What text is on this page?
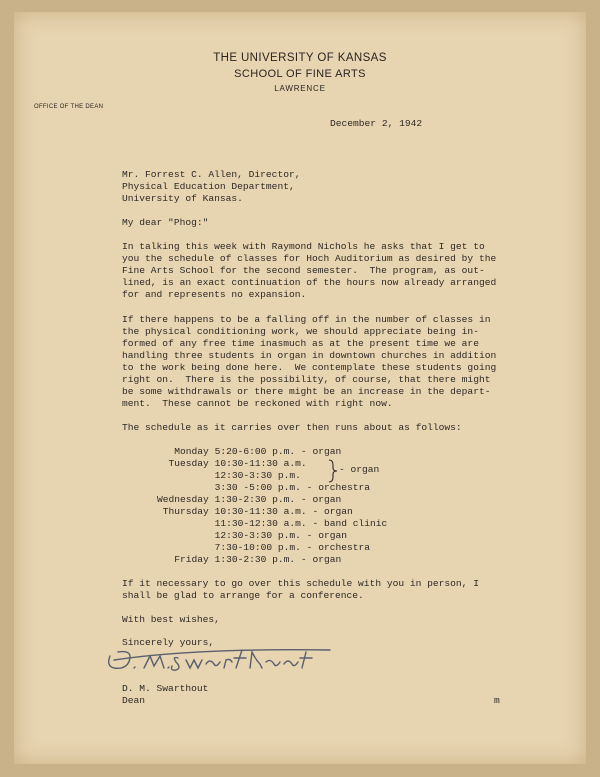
THE UNIVERSITY OF KANSAS
SCHOOL OF FINE ARTS
LAWRENCE
OFFICE OF THE DEAN
December 2, 1942
Mr. Forrest C. Allen, Director,
Physical Education Department,
University of Kansas.
My dear "Phog:"
In talking this week with Raymond Nichols he asks that I get to
you the schedule of classes for Hoch Auditorium as desired by the
Fine Arts School for the second semester.  The program, as out-
lined, is an exact continuation of the hours now already arranged
for and represents no expansion.
If there happens to be a falling off in the number of classes in
the physical conditioning work, we should appreciate being in-
formed of any free time inasmuch as at the present time we are
handling three students in organ in downtown churches in addition
to the work being done here.  We contemplate these students going
right on.  There is the possibility, of course, that there might
be some withdrawals or there might be an increase in the depart-
ment.  These cannot be reckoned with right now.
The schedule as it carries over then runs about as follows:
Monday 5:20-6:00 p.m. - organ
Tuesday 10:30-11:30 a.m.
12:30-3:30 p.m.
3:30 -5:00 p.m. - orchestra
Wednesday 1:30-2:30 p.m. - organ
Thursday 10:30-11:30 a.m. - organ
11:30-12:30 a.m. - band clinic
12:30-3:30 p.m. - organ
7:30-10:00 p.m. - orchestra
Friday 1:30-2:30 p.m. - organ
- organ
If it necessary to go over this schedule with you in person, I
shall be glad to arrange for a conference.
With best wishes,
Sincerely yours,
D. M. Swarthout
Dean	m
